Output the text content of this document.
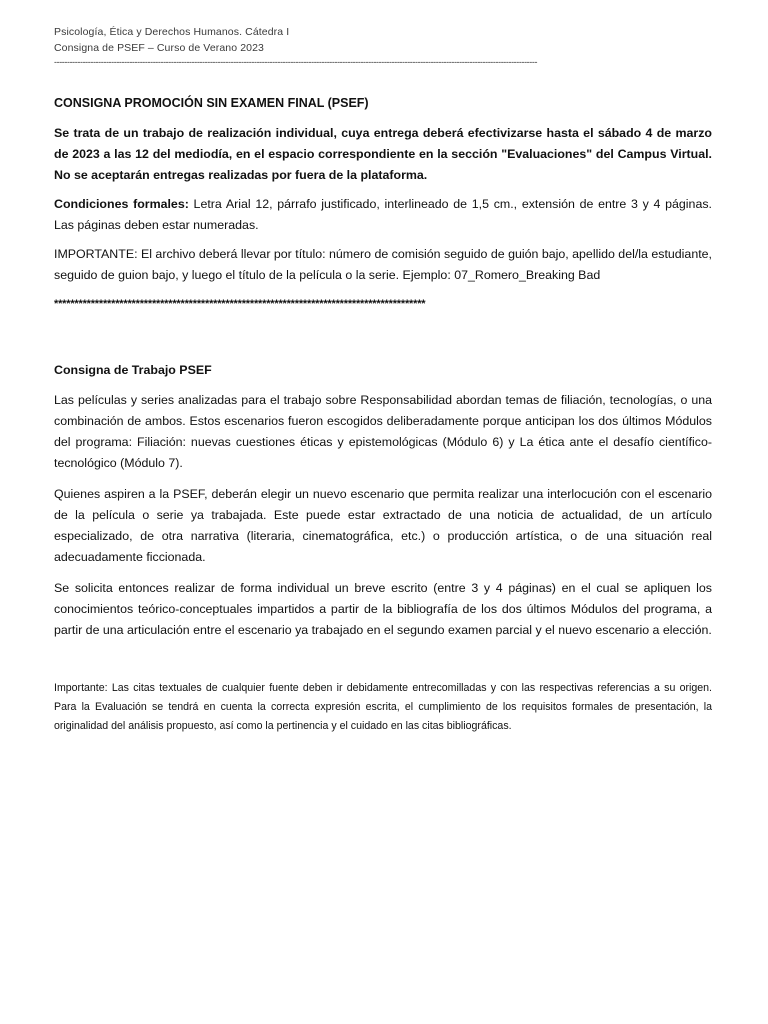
Psicología, Ética y Derechos Humanos. Cátedra I
Consigna de PSEF – Curso de Verano 2023
------------------------------------------------------------------------------------------------------------------------------------------------------------------------------------------
CONSIGNA PROMOCIÓN SIN EXAMEN FINAL (PSEF)

Se trata de un trabajo de realización individual, cuya entrega deberá efectivizarse hasta el sábado 4 de marzo de 2023 a las 12 del mediodía, en el espacio correspondiente en la sección "Evaluaciones" del Campus Virtual. No se aceptarán entregas realizadas por fuera de la plataforma.

Condiciones formales: Letra Arial 12, párrafo justificado, interlineado de 1,5 cm., extensión de entre 3 y 4 páginas. Las páginas deben estar numeradas.

IMPORTANTE: El archivo deberá llevar por título: número de comisión seguido de guión bajo, apellido del/la estudiante, seguido de guion bajo, y luego el título de la película o la serie. Ejemplo: 07_Romero_Breaking Bad

*******************************************************************************************
Consigna de Trabajo PSEF

Las películas y series analizadas para el trabajo sobre Responsabilidad abordan temas de filiación, tecnologías, o una combinación de ambos. Estos escenarios fueron escogidos deliberadamente porque anticipan los dos últimos Módulos del programa: Filiación: nuevas cuestiones éticas y epistemológicas (Módulo 6) y La ética ante el desafío científico-tecnológico (Módulo 7).

Quienes aspiren a la PSEF, deberán elegir un nuevo escenario que permita realizar una interlocución con el escenario de la película o serie ya trabajada. Este puede estar extractado de una noticia de actualidad, de un artículo especializado, de otra narrativa (literaria, cinematográfica, etc.) o producción artística, o de una situación real adecuadamente ficcionada.

Se solicita entonces realizar de forma individual un breve escrito (entre 3 y 4 páginas) en el cual se apliquen los conocimientos teórico-conceptuales impartidos a partir de la bibliografía de los dos últimos Módulos del programa, a partir de una articulación entre el escenario ya trabajado en el segundo examen parcial y el nuevo escenario a elección.

Importante: Las citas textuales de cualquier fuente deben ir debidamente entrecomilladas y con las respectivas referencias a su origen. Para la Evaluación se tendrá en cuenta la correcta expresión escrita, el cumplimiento de los requisitos formales de presentación, la originalidad del análisis propuesto, así como la pertinencia y el cuidado en las citas bibliográficas.
